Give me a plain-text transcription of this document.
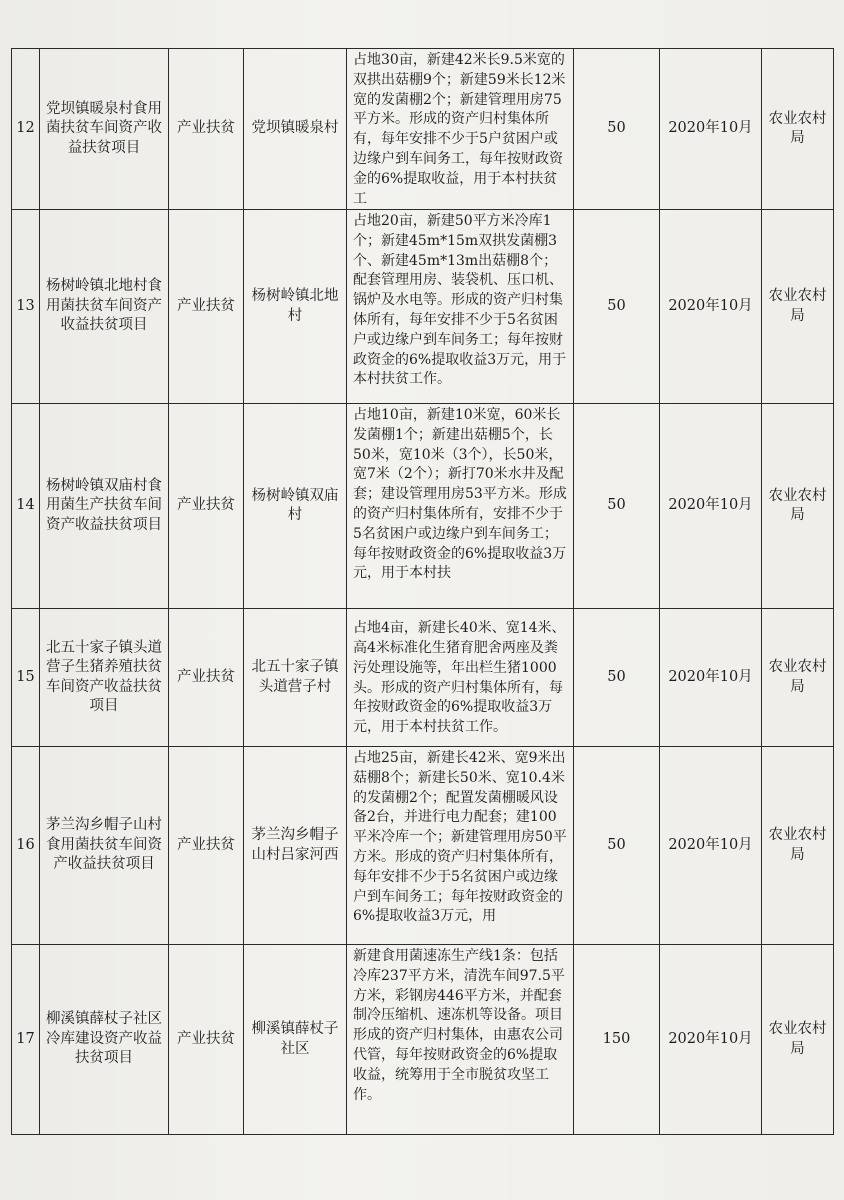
12	党坝镇暖泉村食用菌扶贫车间资产收益扶贫项目	产业扶贫	党坝镇暖泉村	占地30亩，新建42米长9.5米宽的双拱出菇棚9个；新建59米长12米宽的发菌棚2个；新建管理用房75平方米。形成的资产归村集体所有，每年安排不少于5户贫困户或边缘户到车间务工，每年按财政资金的6%提取收益，用于本村扶贫工	50	2020年10月	农业农村局
13	杨树岭镇北地村食用菌扶贫车间资产收益扶贫项目	产业扶贫	杨树岭镇北地村	占地20亩，新建50平方米冷库1个；新建45m*15m双拱发菌棚3个、新建45m*13m出菇棚8个；配套管理用房、装袋机、压口机、锅炉及水电等。形成的资产归村集体所有，每年安排不少于5名贫困户或边缘户到车间务工；每年按财政资金的6%提取收益3万元，用于本村扶贫工作。	50	2020年10月	农业农村局
14	杨树岭镇双庙村食用菌生产扶贫车间资产收益扶贫项目	产业扶贫	杨树岭镇双庙村	占地10亩，新建10米宽，60米长发菌棚1个；新建出菇棚5个，长50米，宽10米（3个），长50米，宽7米（2个）；新打70米水井及配套；建设管理用房53平方米。形成的资产归村集体所有，安排不少于5名贫困户或边缘户到车间务工；每年按财政资金的6%提取收益3万元，用于本村扶	50	2020年10月	农业农村局
15	北五十家子镇头道营子生猪养殖扶贫车间资产收益扶贫项目	产业扶贫	北五十家子镇头道营子村	占地4亩，新建长40米、宽14米、高4米标准化生猪育肥舍两座及粪污处理设施等，年出栏生猪1000头。形成的资产归村集体所有，每年按财政资金的6%提取收益3万元，用于本村扶贫工作。	50	2020年10月	农业农村局
16	茅兰沟乡帽子山村食用菌扶贫车间资产收益扶贫项目	产业扶贫	茅兰沟乡帽子山村吕家河西	占地25亩，新建长42米、宽9米出菇棚8个；新建长50米、宽10.4米的发菌棚2个；配置发菌棚暖风设备2台，并进行电力配套；建100平米冷库一个；新建管理用房50平方米。形成的资产归村集体所有，每年安排不少于5名贫困户或边缘户到车间务工；每年按财政资金的6%提取收益3万元，用	50	2020年10月	农业农村局
17	柳溪镇薛杖子社区冷库建设资产收益扶贫项目	产业扶贫	柳溪镇薛杖子社区	新建食用菌速冻生产线1条：包括冷库237平方米，清洗车间97.5平方米，彩钢房446平方米，并配套制冷压缩机、速冻机等设备。项目形成的资产归村集体，由惠农公司代管，每年按财政资金的6%提取收益，统筹用于全市脱贫攻坚工作。	150	2020年10月	农业农村局
